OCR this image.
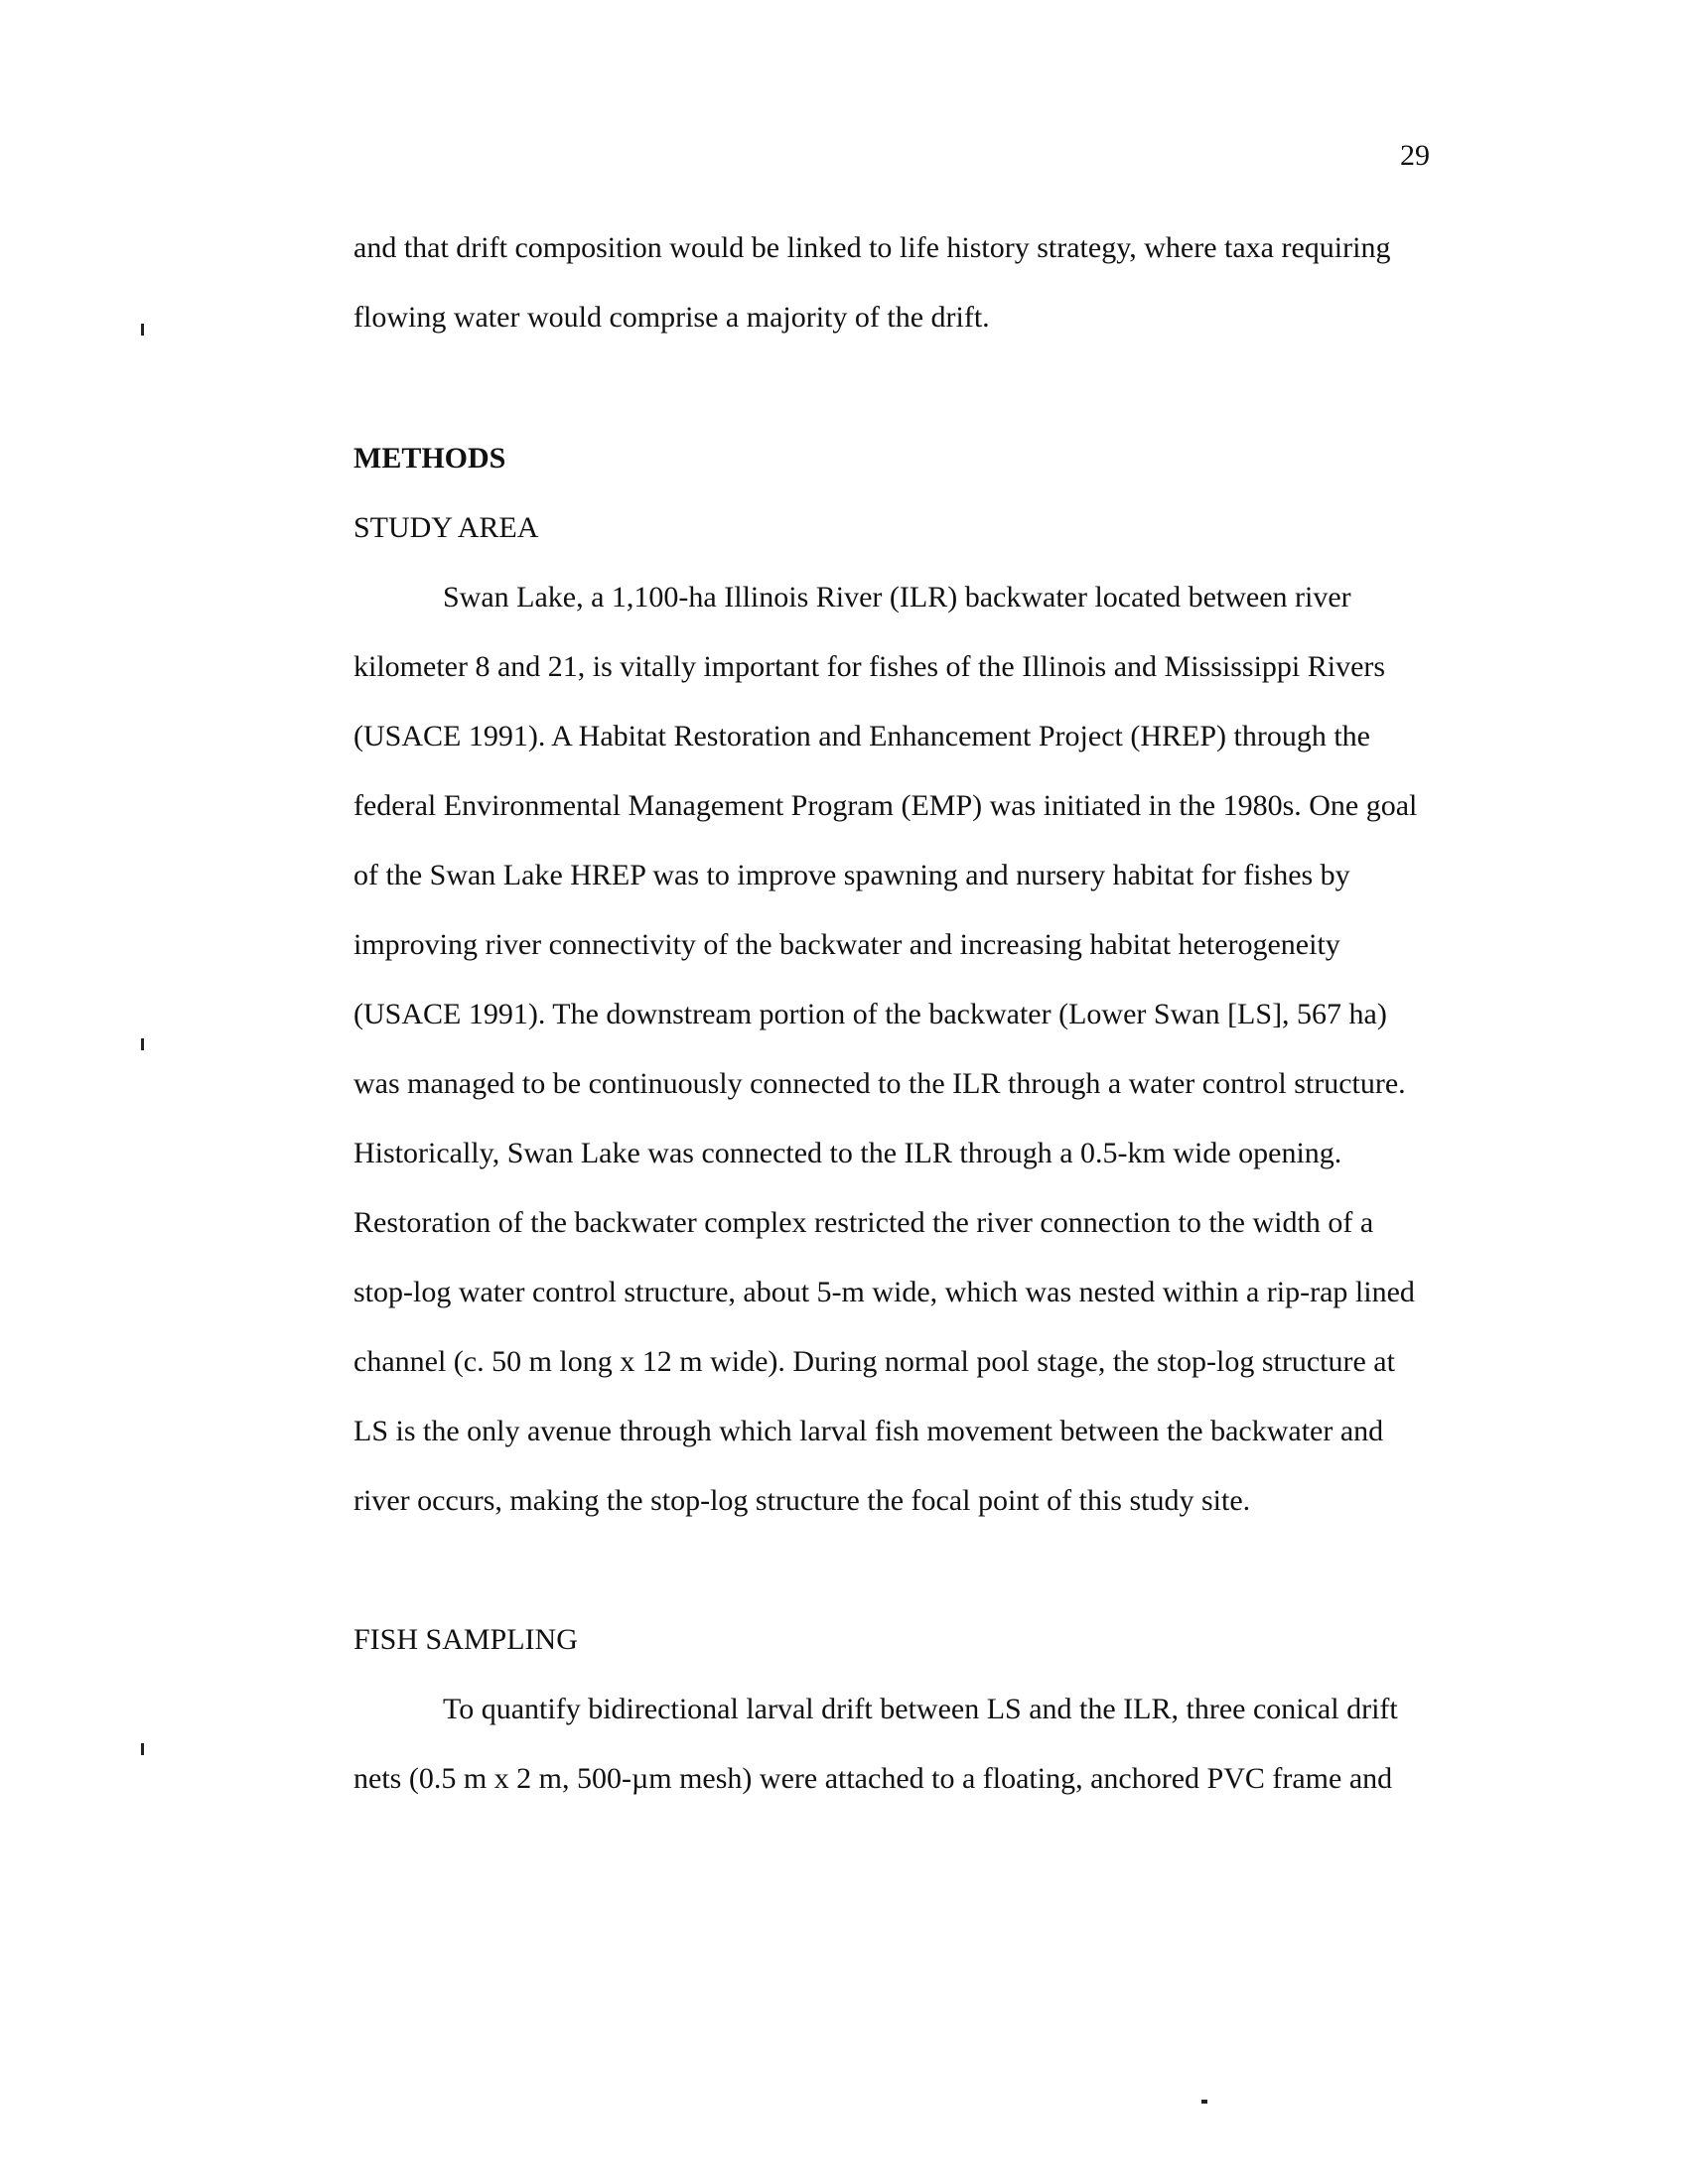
29
and that drift composition would be linked to life history strategy, where taxa requiring
flowing water would comprise a majority of the drift.
METHODS
STUDY AREA
Swan Lake, a 1,100-ha Illinois River (ILR) backwater located between river
kilometer 8 and 21, is vitally important for fishes of the Illinois and Mississippi Rivers
(USACE 1991). A Habitat Restoration and Enhancement Project (HREP) through the
federal Environmental Management Program (EMP) was initiated in the 1980s. One goal
of the Swan Lake HREP was to improve spawning and nursery habitat for fishes by
improving river connectivity of the backwater and increasing habitat heterogeneity
(USACE 1991). The downstream portion of the backwater (Lower Swan [LS], 567 ha)
was managed to be continuously connected to the ILR through a water control structure.
Historically, Swan Lake was connected to the ILR through a 0.5-km wide opening.
Restoration of the backwater complex restricted the river connection to the width of a
stop-log water control structure, about 5-m wide, which was nested within a rip-rap lined
channel (c. 50 m long x 12 m wide). During normal pool stage, the stop-log structure at
LS is the only avenue through which larval fish movement between the backwater and
river occurs, making the stop-log structure the focal point of this study site.
FISH SAMPLING
To quantify bidirectional larval drift between LS and the ILR, three conical drift
nets (0.5 m x 2 m, 500-µm mesh) were attached to a floating, anchored PVC frame and
